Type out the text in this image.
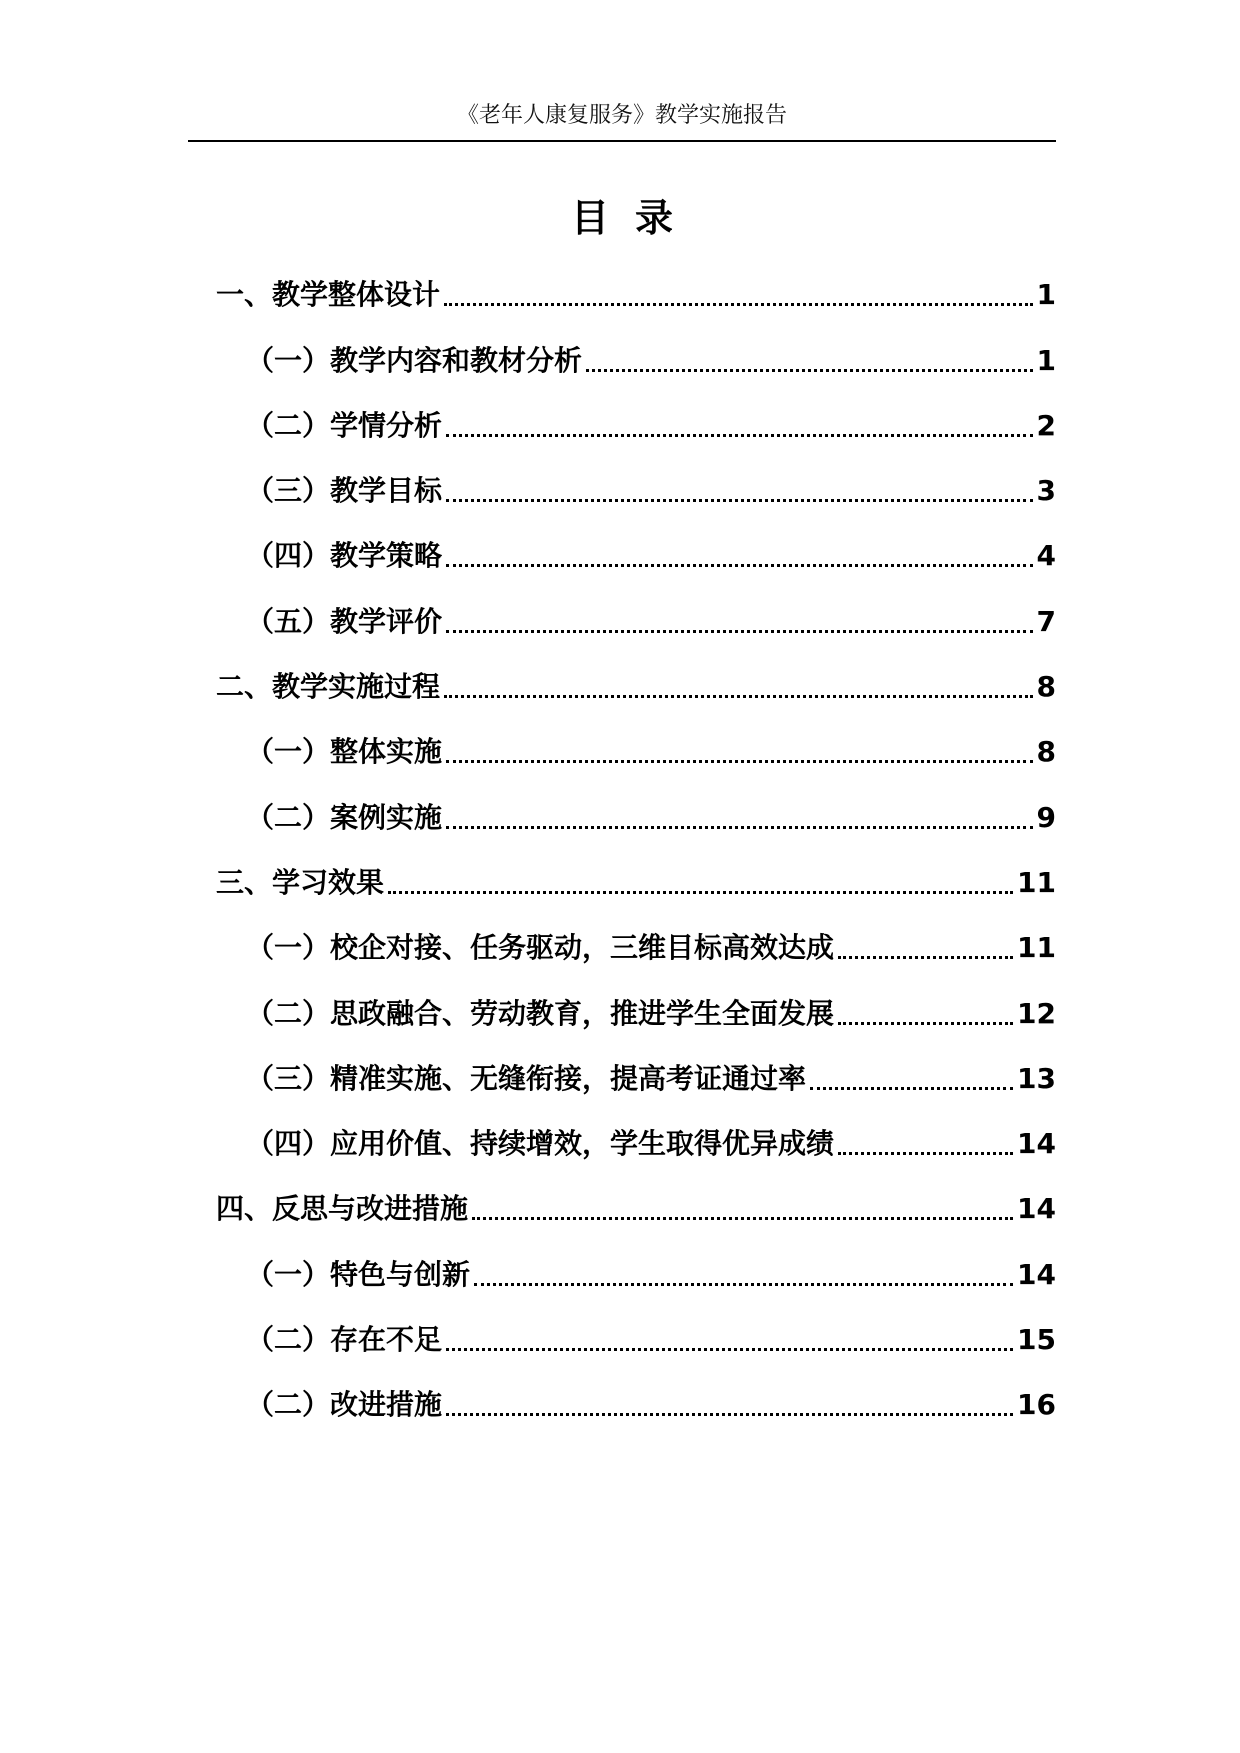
《老年人康复服务》教学实施报告
目录
一、教学整体设计	1
（一）教学内容和教材分析	1
（二）学情分析	2
（三）教学目标	3
（四）教学策略	4
（五）教学评价	7
二、教学实施过程	8
（一）整体实施	8
（二）案例实施	9
三、学习效果	11
（一）校企对接、任务驱动，三维目标高效达成	11
（二）思政融合、劳动教育，推进学生全面发展	12
（三）精准实施、无缝衔接，提高考证通过率	13
（四）应用价值、持续增效，学生取得优异成绩	14
四、反思与改进措施	14
（一）特色与创新	14
（二）存在不足	15
（二）改进措施	16
